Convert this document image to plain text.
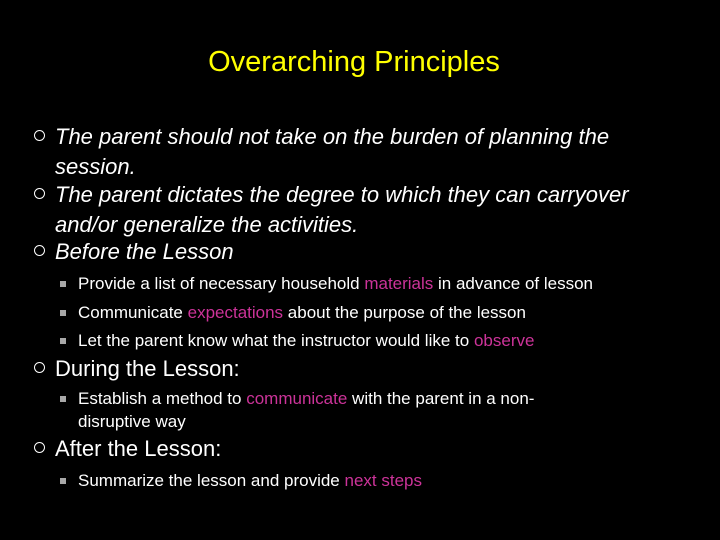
Overarching Principles
The parent should not take on the burden of planning the session.
The parent dictates the degree to which they can carryover and/or generalize the activities.
Before the Lesson
Provide a list of necessary household materials in advance of lesson
Communicate expectations about the purpose of the lesson
Let the parent know what the instructor would like to observe
During the Lesson:
Establish a method to communicate with the parent in a non-disruptive way
After the Lesson:
Summarize the lesson and provide next steps
